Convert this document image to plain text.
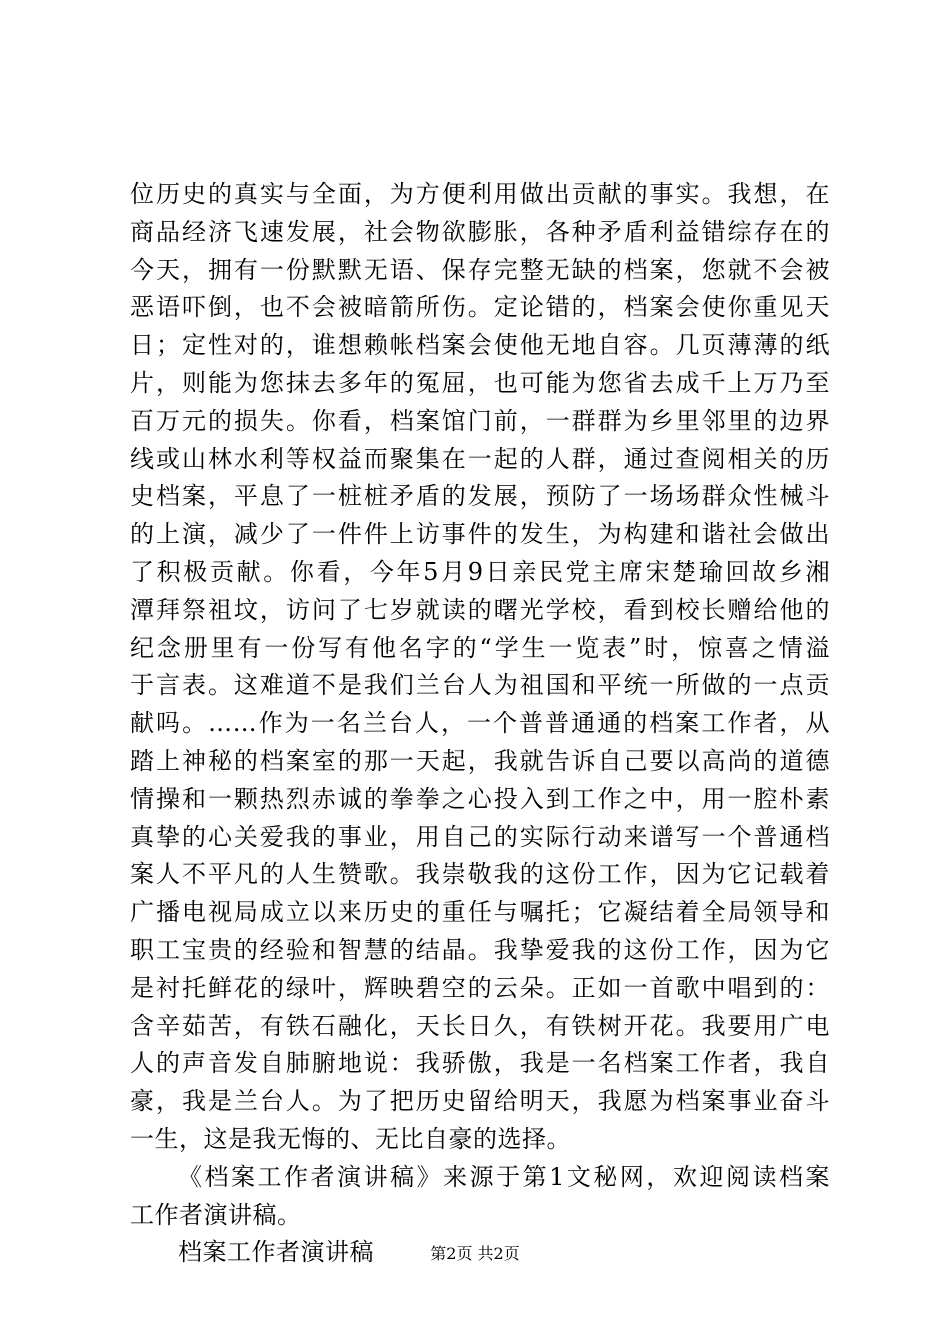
位历史的真实与全面，为方便利用做出贡献的事实。我想，在
商品经济飞速发展，社会物欲膨胀，各种矛盾利益错综存在的
今天，拥有一份默默无语、保存完整无缺的档案，您就不会被
恶语吓倒，也不会被暗箭所伤。定论错的，档案会使你重见天
日；定性对的，谁想赖帐档案会使他无地自容。几页薄薄的纸
片，则能为您抹去多年的冤屈，也可能为您省去成千上万乃至
百万元的损失。你看，档案馆门前，一群群为乡里邻里的边界
线或山林水利等权益而聚集在一起的人群，通过查阅相关的历
史档案，平息了一桩桩矛盾的发展，预防了一场场群众性械斗
的上演，减少了一件件上访事件的发生，为构建和谐社会做出
了积极贡献。你看，今年5月9日亲民党主席宋楚瑜回故乡湘
潭拜祭祖坟，访问了七岁就读的曙光学校，看到校长赠给他的
纪念册里有一份写有他名字的“学生一览表”时，惊喜之情溢
于言表。这难道不是我们兰台人为祖国和平统一所做的一点贡
献吗。……作为一名兰台人，一个普普通通的档案工作者，从
踏上神秘的档案室的那一天起，我就告诉自己要以高尚的道德
情操和一颗热烈赤诚的拳拳之心投入到工作之中，用一腔朴素
真挚的心关爱我的事业，用自己的实际行动来谱写一个普通档
案人不平凡的人生赞歌。我崇敬我的这份工作，因为它记载着
广播电视局成立以来历史的重任与嘱托；它凝结着全局领导和
职工宝贵的经验和智慧的结晶。我挚爱我的这份工作，因为它
是衬托鲜花的绿叶，辉映碧空的云朵。正如一首歌中唱到的：
含辛茹苦，有铁石融化，天长日久，有铁树开花。我要用广电
人的声音发自肺腑地说：我骄傲，我是一名档案工作者，我自
豪，我是兰台人。为了把历史留给明天，我愿为档案事业奋斗
一生，这是我无悔的、无比自豪的选择。
《档案工作者演讲稿》来源于第1文秘网，欢迎阅读档案
工作者演讲稿。
档案工作者演讲稿	第2页 共2页
